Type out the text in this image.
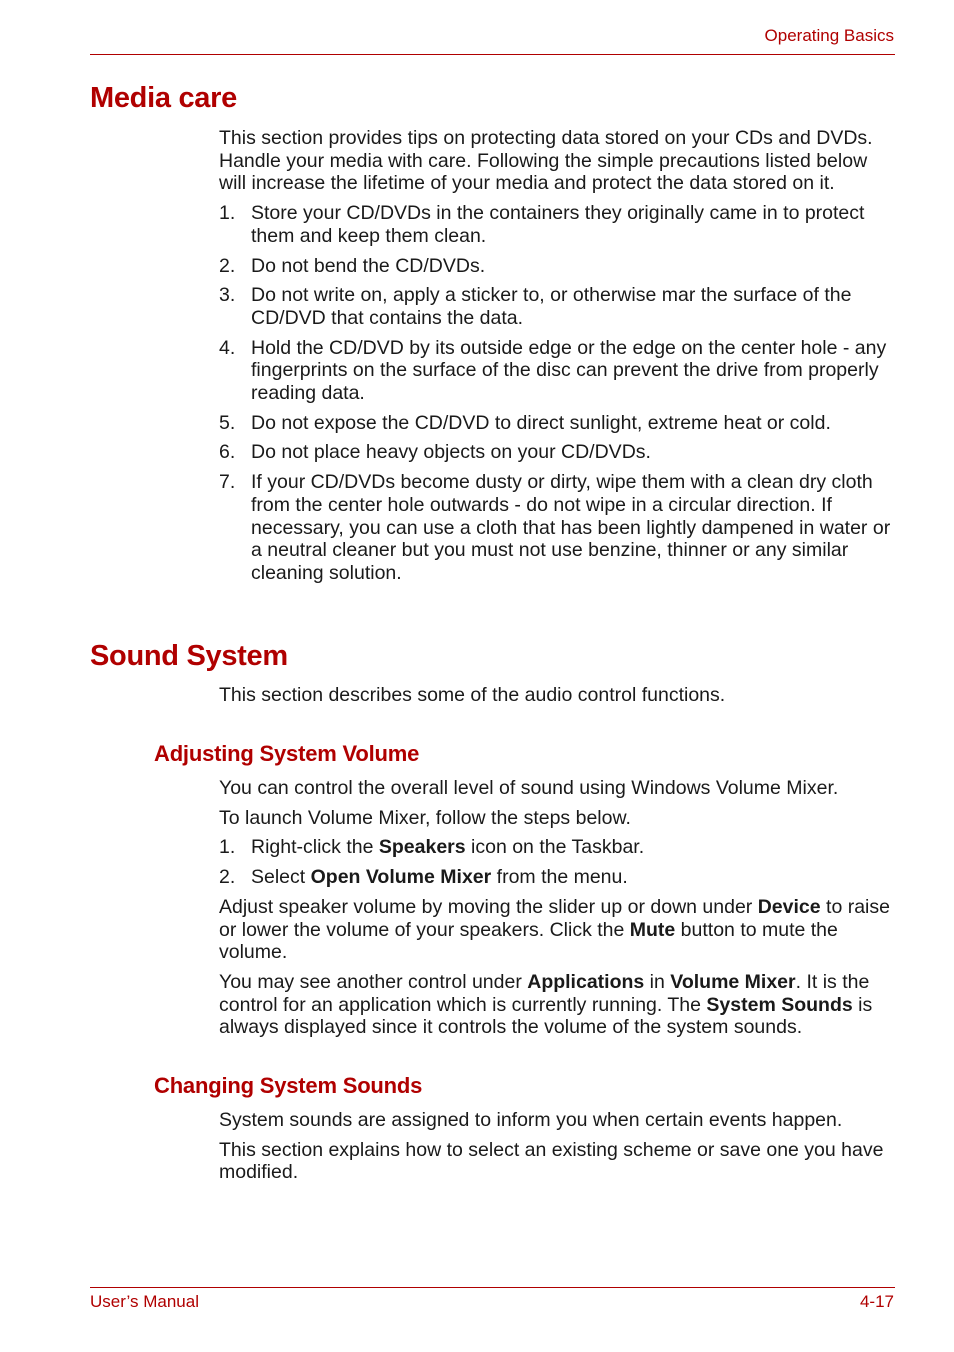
Operating Basics
Media care

This section provides tips on protecting data stored on your CDs and DVDs. Handle your media with care. Following the simple precautions listed below will increase the lifetime of your media and protect the data stored on it.

1. Store your CD/DVDs in the containers they originally came in to protect them and keep them clean.
2. Do not bend the CD/DVDs.
3. Do not write on, apply a sticker to, or otherwise mar the surface of the CD/DVD that contains the data.
4. Hold the CD/DVD by its outside edge or the edge on the center hole - any fingerprints on the surface of the disc can prevent the drive from properly reading data.
5. Do not expose the CD/DVD to direct sunlight, extreme heat or cold.
6. Do not place heavy objects on your CD/DVDs.
7. If your CD/DVDs become dusty or dirty, wipe them with a clean dry cloth from the center hole outwards - do not wipe in a circular direction. If necessary, you can use a cloth that has been lightly dampened in water or a neutral cleaner but you must not use benzine, thinner or any similar cleaning solution.
Sound System

This section describes some of the audio control functions.

Adjusting System Volume

You can control the overall level of sound using Windows Volume Mixer.

To launch Volume Mixer, follow the steps below.

1. Right-click the Speakers icon on the Taskbar.
2. Select Open Volume Mixer from the menu.

Adjust speaker volume by moving the slider up or down under Device to raise or lower the volume of your speakers. Click the Mute button to mute the volume.

You may see another control under Applications in Volume Mixer. It is the control for an application which is currently running. The System Sounds is always displayed since it controls the volume of the system sounds.

Changing System Sounds

System sounds are assigned to inform you when certain events happen.

This section explains how to select an existing scheme or save one you have modified.

User’s Manual	4-17
